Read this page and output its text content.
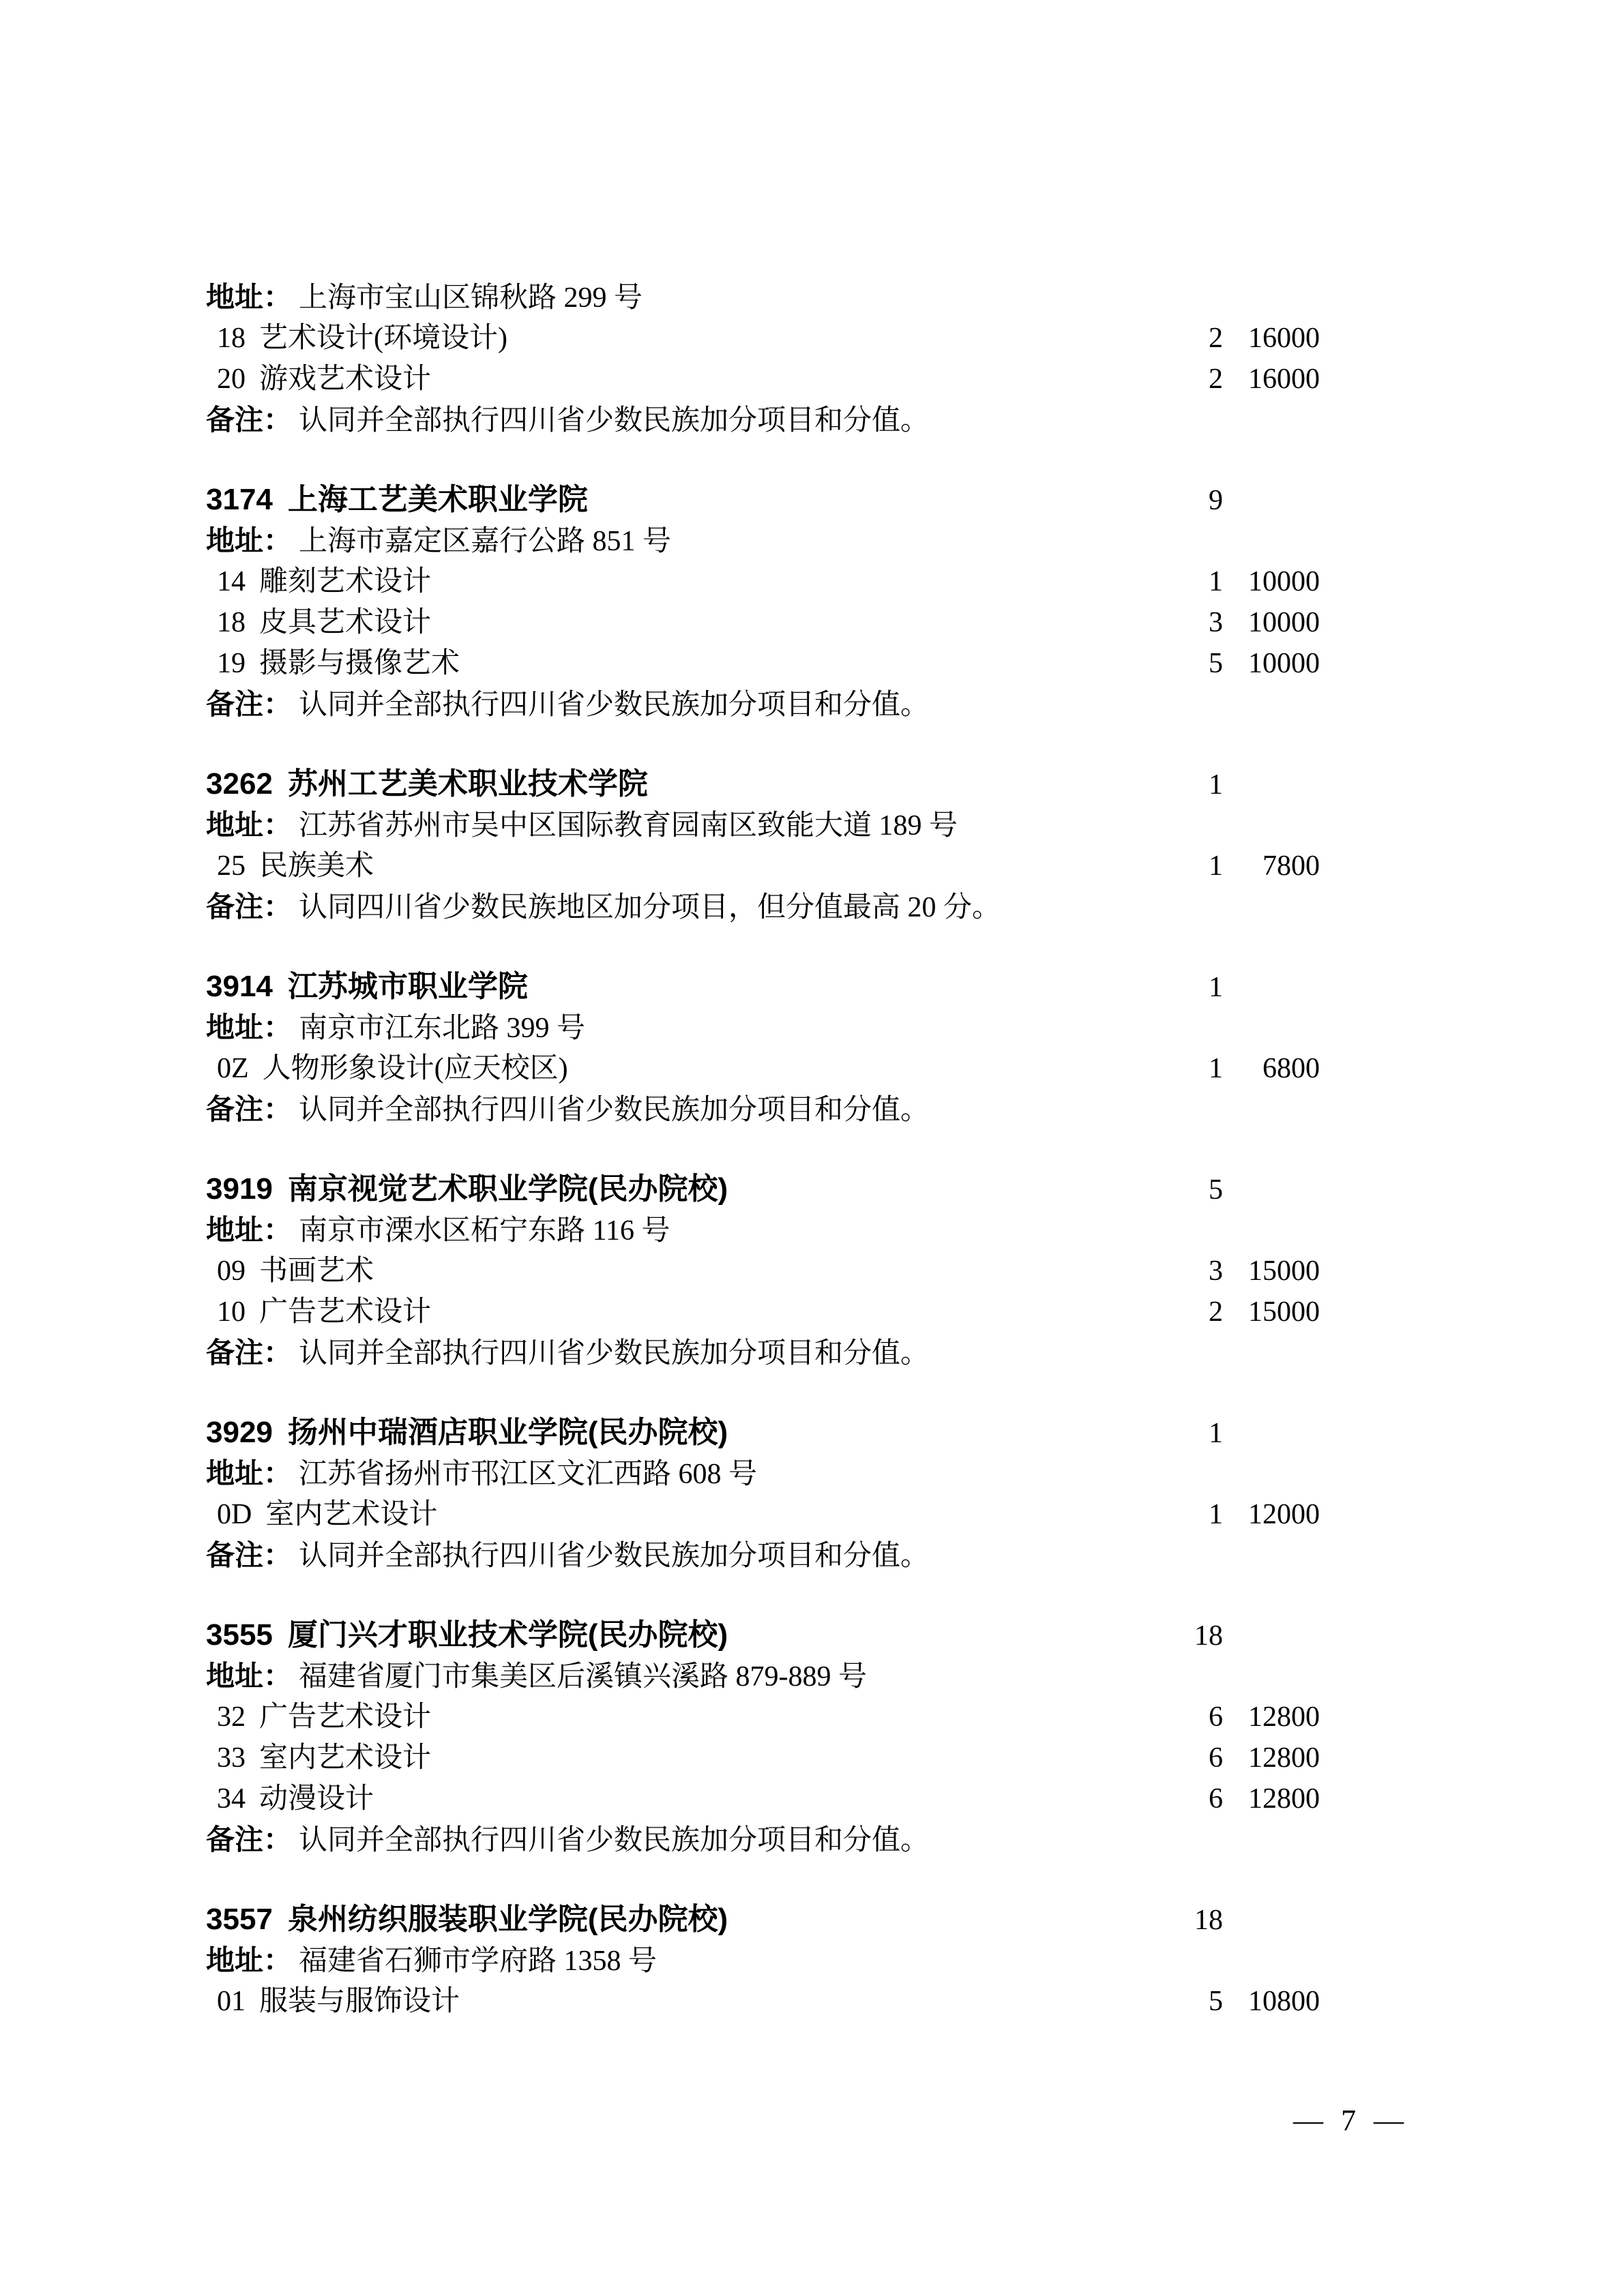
地址： 上海市宝山区锦秋路 299 号
18 艺术设计(环境设计)	2 16000
20 游戏艺术设计	2 16000
备注： 认同并全部执行四川省少数民族加分项目和分值。
3174 上海工艺美术职业学院	9
地址： 上海市嘉定区嘉行公路 851 号
14 雕刻艺术设计	1 10000
18 皮具艺术设计	3 10000
19 摄影与摄像艺术	5 10000
备注： 认同并全部执行四川省少数民族加分项目和分值。
3262 苏州工艺美术职业技术学院	1
地址： 江苏省苏州市吴中区国际教育园南区致能大道 189 号
25 民族美术	1	7800
备注： 认同四川省少数民族地区加分项目，但分值最高 20 分。
3914 江苏城市职业学院	1
地址： 南京市江东北路 399 号
0Z 人物形象设计(应天校区)	1	6800
备注： 认同并全部执行四川省少数民族加分项目和分值。
3919 南京视觉艺术职业学院(民办院校)	5
地址： 南京市溧水区柘宁东路 116 号
09 书画艺术	3 15000
10 广告艺术设计	2 15000
备注： 认同并全部执行四川省少数民族加分项目和分值。
3929 扬州中瑞酒店职业学院(民办院校)	1
地址： 江苏省扬州市邗江区文汇西路 608 号
0D 室内艺术设计	1 12000
备注： 认同并全部执行四川省少数民族加分项目和分值。
3555 厦门兴才职业技术学院(民办院校)	18
地址： 福建省厦门市集美区后溪镇兴溪路 879-889 号
32 广告艺术设计	6 12800
33 室内艺术设计	6 12800
34 动漫设计	6 12800
备注： 认同并全部执行四川省少数民族加分项目和分值。
3557 泉州纺织服装职业学院(民办院校)	18
地址： 福建省石狮市学府路 1358 号
01 服装与服饰设计	5 10800
— 7 —
